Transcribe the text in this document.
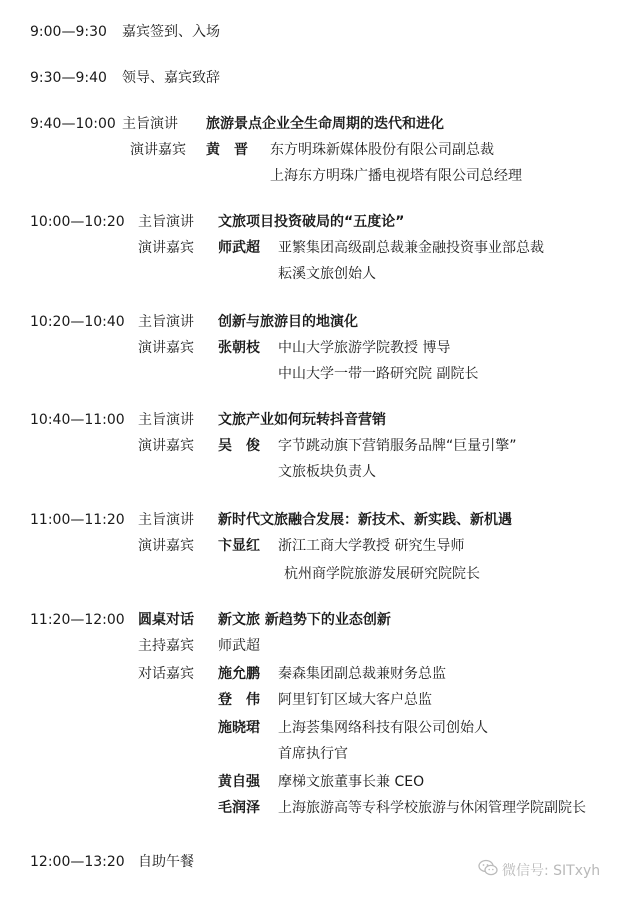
9:00—9:30 嘉宾签到、入场
9:30—9:40 领导、嘉宾致辞
9:40—10:00 主旨演讲 旅游景点企业全生命周期的迭代和进化
演讲嘉宾 黄　晋 东方明珠新媒体股份有限公司副总裁
上海东方明珠广播电视塔有限公司总经理
10:00—10:20 主旨演讲 文旅项目投资破局的“五度论”
演讲嘉宾 师武超 亚繁集团高级副总裁兼金融投资事业部总裁
耘溪文旅创始人
10:20—10:40 主旨演讲 创新与旅游目的地演化
演讲嘉宾 张朝枝 中山大学旅游学院教授 博导
中山大学一带一路研究院 副院长
10:40—11:00 主旨演讲 文旅产业如何玩转抖音营销
演讲嘉宾 吴　俊 字节跳动旗下营销服务品牌“巨量引擎”
文旅板块负责人
11:00—11:20 主旨演讲 新时代文旅融合发展：新技术、新实践、新机遇
演讲嘉宾 卞显红 浙江工商大学教授 研究生导师
杭州商学院旅游发展研究院院长
11:20—12:00 圆桌对话 新文旅 新趋势下的业态创新
主持嘉宾 师武超
对话嘉宾 施允鹏 秦森集团副总裁兼财务总监
登　伟 阿里钉钉区域大客户总监
施晓珺 上海荟集网络科技有限公司创始人
首席执行官
黄自强 摩梯文旅董事长兼 CEO
毛润泽 上海旅游高等专科学校旅游与休闲管理学院副院长
12:00—13:20 自助午餐
微信号: SITxyh
